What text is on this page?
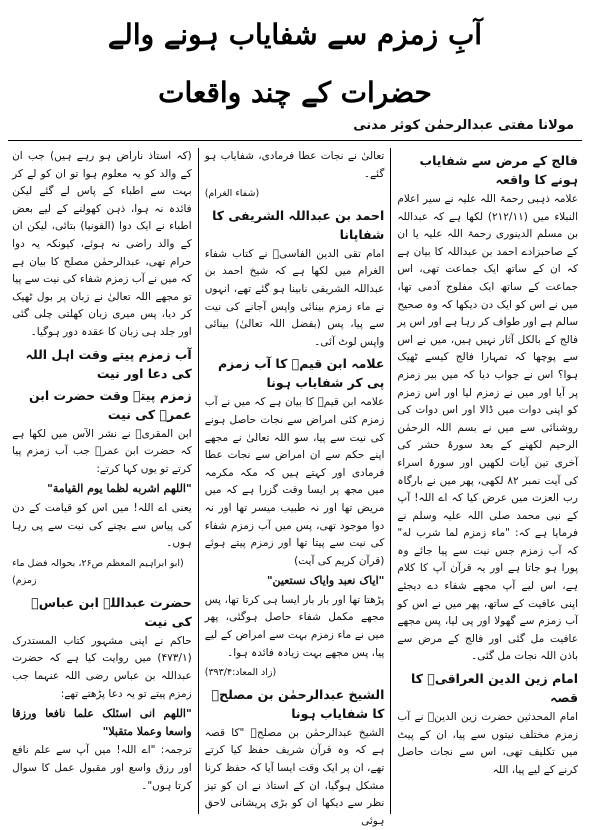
آبِ زمزم سے شفایاب ہونے والے
حضرات کے چند واقعات
مولانا مفتی عبدالرحمٰن کوثر مدنی
فالج کے مرض سے شفایاب ہونے کا واقعہ

علامہ ذہبی رحمۃ اللہ علیہ نے سیر اعلام النبلاء میں (۲۱۲/۱۱) لکھا ہے کہ عبداللہ بن مسلم الدینوری رحمۃ اللہ علیہ یا ان کے صاحبزادے احمد بن عبداللہ کا بیان ہے کہ ان کے ساتھ ایک جماعت تھی، اس جماعت کے ساتھ ایک مفلوج آدمی تھا، میں نے اس کو ایک دن دیکھا کہ وہ صحیح سالم ہے اور طواف کر رہا ہے اور اس پر فالج کے بالکل آثار نہیں ہیں، میں نے اس سے پوچھا کہ تمہارا فالج کیسے ٹھیک ہوا؟ اس نے جواب دیا کہ میں بیر زمزم پر آیا اور میں نے زمزم لیا اور اس زمزم کو اپنی دوات میں ڈالا اور اس دوات کی روشنائی سے میں نے بسم اللہ الرحمٰن الرحیم لکھنے کے بعد سورۂ حشر کی آخری تین آیات لکھیں اور سورۂ اسراء کی آیت نمبر ۸۲ لکھی، پھر میں نے بارگاہ رب العزت میں عرض کیا کہ اے اللہ! آپ کے نبی محمد صلی اللہ علیہ وسلم نے فرمایا ہے کہ: "ماء زمزم لما شرب له" کہ آب زمزم جس نیت سے پیا جائے وہ پورا ہو جاتا ہے اور یہ قرآن آپ کا کلام ہے، اس لیے آپ مجھے شفاء دے دیجئے اپنی عافیت کے ساتھ، پھر میں نے اس کو آب زمزم سے گھولا اور پی لیا، پس مجھے عافیت مل گئی اور فالج کے مرض سے باذن اللہ نجات مل گئی۔

امام زین الدین العراقیؒ کا قصہ

امام المحدثین حضرت زین الدینؒ نے آب زمزم مختلف نیتوں سے پیا، ان کے پیٹ میں تکلیف تھی، اس سے نجات حاصل کرنے کے لیے پیا، اللہ

تعالیٰ نے نجات عطا فرمادی، شفایاب ہو گئے۔

(شفاء الغرام)

احمد بن عبداللہ الشریفی کا شفاپانا

امام تقی الدین الفاسیؒ نے کتاب شفاء الغرام میں لکھا ہے کہ شیخ احمد بن عبداللہ الشریفی نابینا ہو گئے تھے، انہوں نے ماء زمزم بینائی واپس آجانے کی نیت سے پیا، پس (بفضل اللہ تعالیٰ) بینائی واپس لوٹ آئی۔

علامہ ابن قیمؒ کا آب زمزم پی کر شفایاب ہونا

علامہ ابن قیمؒ کا بیان ہے کہ میں نے آب زمزم کئی امراض سے نجات حاصل ہونے کی نیت سے پیا، سو اللہ تعالیٰ نے مجھے اپنے حکم سے ان امراض سے نجات عطا فرمادی اور کہتے ہیں کہ مکہ مکرمہ میں مجھ پر ایسا وقت گزرا ہے کہ میں مریض تھا اور نہ طبیب میسر تھا اور نہ دوا موجود تھی، پس میں آب زمزم شفاء کی نیت سے پیتا تھا اور زمزم پیتے ہوئے (قرآن کریم کی آیت)

"ایاک نعبد وایاک نستعین"

پڑھتا تھا اور بار بار ایسا ہی کرتا تھا، پس مجھے مکمل شفاء حاصل ہوگئی، پھر میں نے ماء زمزم بہت سے امراض کے لیے پیا، پس مجھے بہت زیادہ فائدہ ہوا۔

(زاد المعاد:۳۹۳/۴)

الشیخ عبدالرحمٰن بن مصلحؒ کا شفایاب ہونا

الشیخ عبدالرحمٰن بن مصلحؒ "کا قصہ ہے کہ وہ قرآن شریف حفظ کیا کرتے تھے، ان پر ایک وقت ایسا آیا کہ حفظ کرنا مشکل ہوگیا، ان کے استاذ نے ان کو تیز نظر سے دیکھا ان کو بڑی پریشانی لاحق ہوئی

(کہ استاذ ناراض ہو رہے ہیں) جب ان کے والد کو یہ معلوم ہوا تو ان کو لے کر بہت سے اطباء کے پاس لے گئے لیکن فائدہ نہ ہوا، ذہن کھولنے کے لیے بعض اطباء نے ایک دوا (الفونیا) بتائی، لیکن ان کے والد راضی نہ ہوئے، کیونکہ یہ دوا حرام تھی، عبدالرحمٰن مصلح کا بیان ہے کہ میں نے آب زمزم شفاء کی نیت سے پیا تو مجھے اللہ تعالیٰ نے زبان پر بول ٹھیک کر دیا، پس میری زبان کھلتی چلی گئی اور جلد ہی زبان کا عقدہ دور ہوگیا۔

آب زمزم پیتے وقت اہل اللہ کی دعا اور نیت
زمزم پیتے وقت حضرت ابن عمرؓ کی نیت

ابن المقریؒ نے نشر الآس میں لکھا ہے کہ حضرت ابن عمرؓ جب آب زمزم پیا کرتے تو یوں کہا کرتے:

"اللھم اشربه لظما یوم القیامة"

یعنی اے اللہ! میں اس کو قیامت کے دن کی پیاس سے بچنے کی نیت سے پی رہا ہوں۔

(ابو ابراہیم المعظم ص۲۶، بحوالہ فضل ماء زمزم)

حضرت عبداللہ ابن عباسؓ کی نیت

حاکم نے اپنی مشہور کتاب المستدرک (۴۷۳/۱) میں روایت کیا ہے کہ حضرت عبداللہ بن عباس رضی اللہ عنہما جب زمزم پیتے تو یہ دعا پڑھتے تھے:

"اللھم انی اسئلک علما نافعا ورزقا واسعا وعملا متقبلا"

ترجمہ: "اے اللہ! میں آپ سے علم نافع اور رزق واسع اور مقبول عمل کا سوال کرتا ہوں"۔
